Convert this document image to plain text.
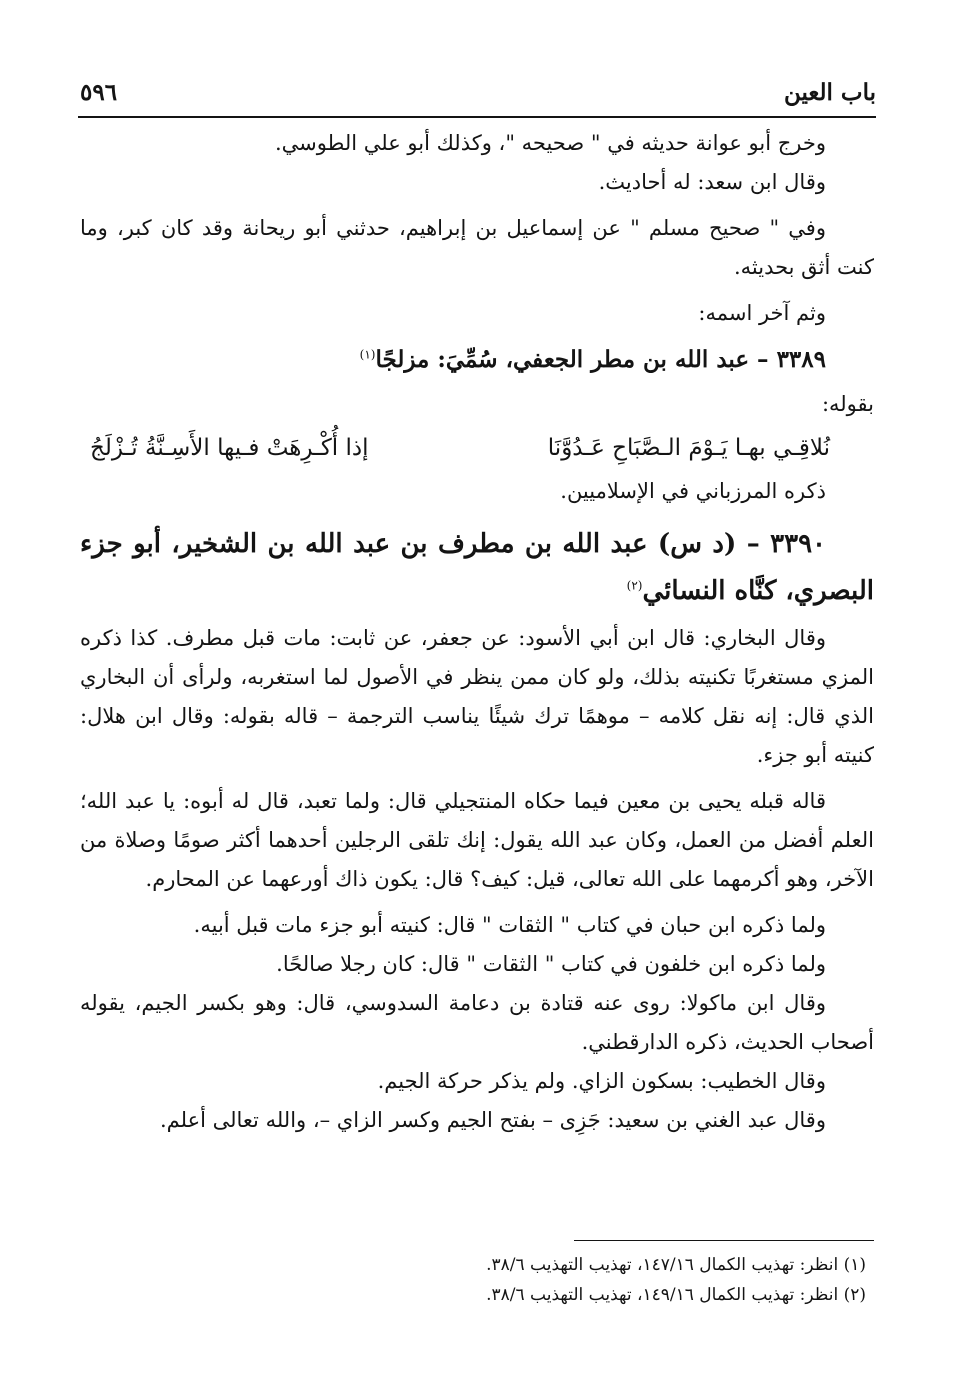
باب العين
٥٩٦

وخرج أبو عوانة حديثه في " صحيحه "، وكذلك أبو علي الطوسي.

وقال ابن سعد: له أحاديث.

وفي " صحيح مسلم " عن إسماعيل بن إبراهيم، حدثني أبو ريحانة وقد كان كبر، وما كنت أثق بحديثه.

وثم آخر اسمه:

٣٣٨٩ – عبد الله بن مطر الجعفي، سُمِّيَ: مزلجًا$^{(١)}$

بقوله:

نُلاقِـي بهـا يَـوْمَ الـصَّبَاحِ عَـدُوَّنَا
إذا أُكْـرِهَتْ فـيها الأَسِـنَّةُ تُـزْلَجُ

ذكره المرزباني في الإسلاميين.

٣٣٩٠ – (د س) عبد الله بن مطرف بن عبد الله بن الشخير، أبو جزء البصري، كنَّاه النسائي$^{(٢)}$

وقال البخاري: قال ابن أبي الأسود: عن جعفر، عن ثابت: مات قبل مطرف. كذا ذكره المزي مستغربًا تكنيته بذلك، ولو كان ممن ينظر في الأصول لما استغربه، ولرأى أن البخاري الذي قال: إنه نقل كلامه – موهمًا ترك شيئًا يناسب الترجمة – قاله بقوله: وقال ابن هلال: كنيته أبو جزء.

قاله قبله يحيى بن معين فيما حكاه المنتجيلي قال: ولما تعبد، قال له أبوه: يا عبد الله؛ العلم أفضل من العمل، وكان عبد الله يقول: إنك تلقى الرجلين أحدهما أكثر صومًا وصلاة من الآخر، وهو أكرمهما على الله تعالى، قيل: كيف؟ قال: يكون ذاك أورعهما عن المحارم.

ولما ذكره ابن حبان في كتاب " الثقات " قال: كنيته أبو جزء مات قبل أبيه.

ولما ذكره ابن خلفون في كتاب " الثقات " قال: كان رجلا صالحًا.

وقال ابن ماكولا: روى عنه قتادة بن دعامة السدوسي، قال: وهو بكسر الجيم، يقوله أصحاب الحديث، ذكره الدارقطني.

وقال الخطيب: بسكون الزاي. ولم يذكر حركة الجيم.

وقال عبد الغني بن سعيد: جَزِى – بفتح الجيم وكسر الزاي –، والله تعالى أعلم.

(١) انظر: تهذيب الكمال ١٤٧/١٦، تهذيب التهذيب ٣٨/٦.

(٢) انظر: تهذيب الكمال ١٤٩/١٦، تهذيب التهذيب ٣٨/٦.
